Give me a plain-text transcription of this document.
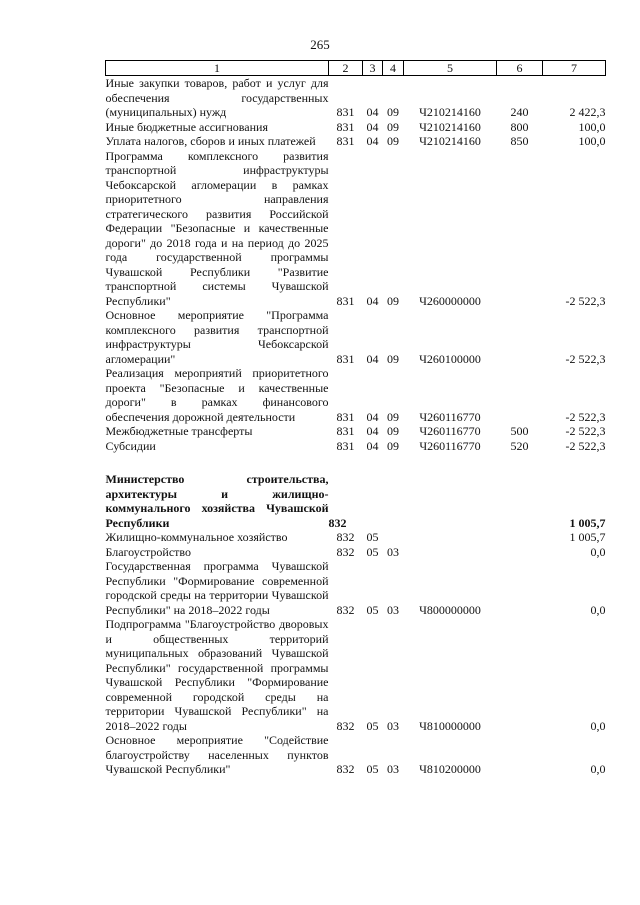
265
1	2	3	4	5	6	7
Иные закупки товаров, работ и услуг для обеспечения государственных (муниципальных) нужд	831	04	09	Ч210214160	240	2 422,3
Иные бюджетные ассигнования	831	04	09	Ч210214160	800	100,0
Уплата налогов, сборов и иных платежей	831	04	09	Ч210214160	850	100,0
Программа комплексного развития транспортной инфраструктуры Чебоксарской агломерации в рамках приоритетного направления стратегического развития Российской Федерации "Безопасные и качественные дороги" до 2018 года и на период до 2025 года государственной программы Чувашской Республики "Развитие транспортной системы Чувашской Республики"	831	04	09	Ч260000000		-2 522,3
Основное мероприятие "Программа комплексного развития транспортной инфраструктуры Чебоксарской агломерации"	831	04	09	Ч260100000		-2 522,3
Реализация мероприятий приоритетного проекта "Безопасные и качественные дороги" в рамках финансового обеспечения дорожной деятельности	831	04	09	Ч260116770		-2 522,3
Межбюджетные трансферты	831	04	09	Ч260116770	500	-2 522,3
Субсидии	831	04	09	Ч260116770	520	-2 522,3

Министерство строительства, архитектуры и жилищно-коммунального хозяйства Чувашской Республики	832					1 005,7
Жилищно-коммунальное хозяйство	832	05				1 005,7
Благоустройство	832	05	03			0,0
Государственная программа Чувашской Республики "Формирование современной городской среды на территории Чувашской Республики" на 2018–2022 годы	832	05	03	Ч800000000		0,0
Подпрограмма "Благоустройство дворовых и общественных территорий муниципальных образований Чувашской Республики" государственной программы Чувашской Республики "Формирование современной городской среды на территории Чувашской Республики" на 2018–2022 годы	832	05	03	Ч810000000		0,0
Основное мероприятие "Содействие благоустройству населенных пунктов Чувашской Республики"	832	05	03	Ч810200000		0,0
